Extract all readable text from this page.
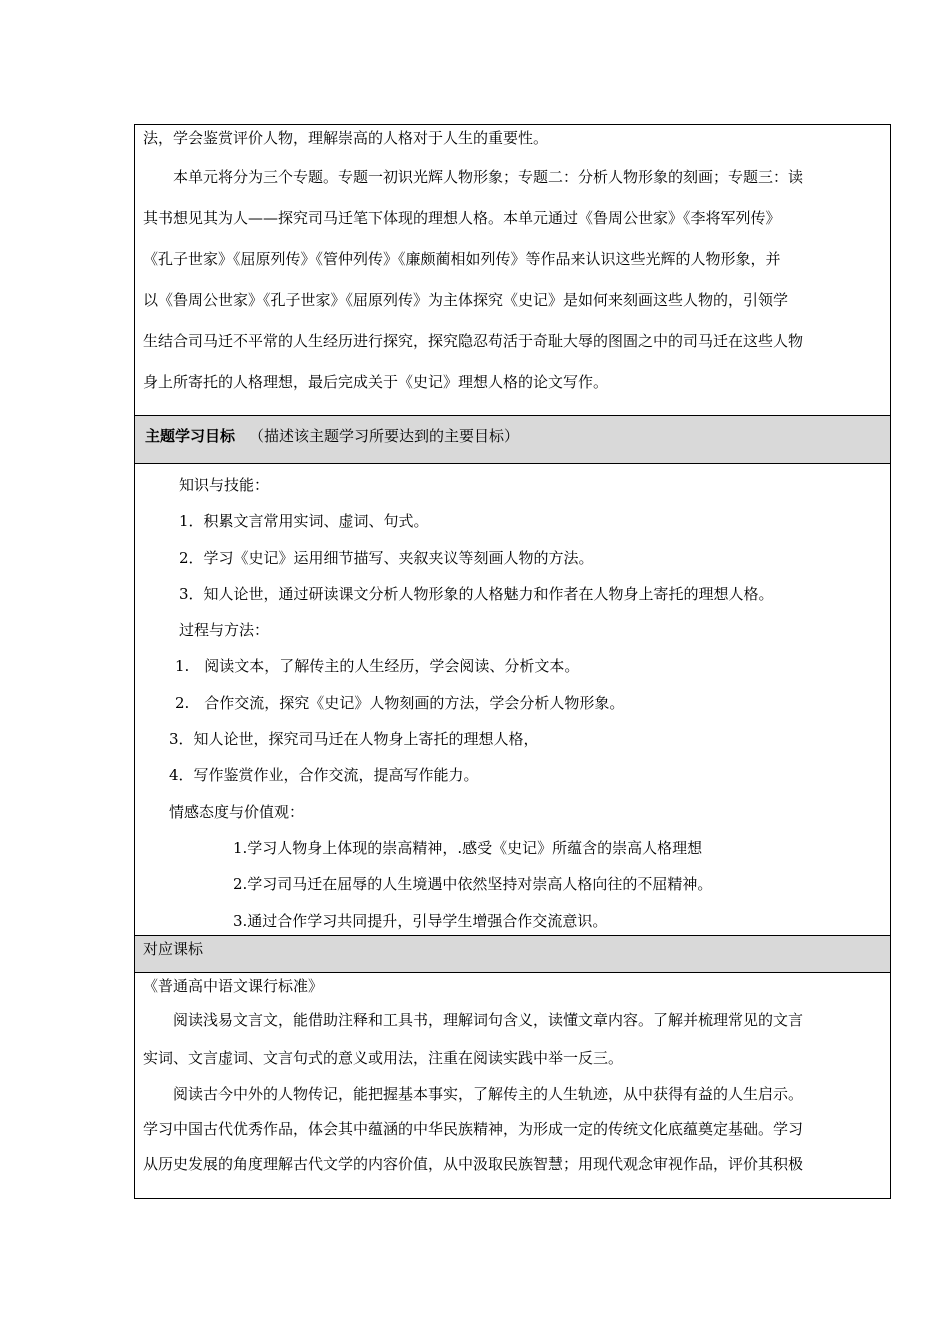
法，学会鉴赏评价人物，理解崇高的人格对于人生的重要性。
本单元将分为三个专题。专题一初识光辉人物形象；专题二：分析人物形象的刻画；专题三：读
其书想见其为人——探究司马迁笔下体现的理想人格。本单元通过《鲁周公世家》《李将军列传》
《孔子世家》《屈原列传》《管仲列传》《廉颇蔺相如列传》等作品来认识这些光辉的人物形象，并
以《鲁周公世家》《孔子世家》《屈原列传》为主体探究《史记》是如何来刻画这些人物的，引领学
生结合司马迁不平常的人生经历进行探究，探究隐忍苟活于奇耻大辱的图圄之中的司马迁在这些人物
身上所寄托的人格理想，最后完成关于《史记》理想人格的论文写作。
主题学习目标 （描述该主题学习所要达到的主要目标）
知识与技能：
1．积累文言常用实词、虚词、句式。
2．学习《史记》运用细节描写、夹叙夹议等刻画人物的方法。
3．知人论世，通过研读课文分析人物形象的人格魅力和作者在人物身上寄托的理想人格。
过程与方法：
1.　阅读文本，了解传主的人生经历，学会阅读、分析文本。
2.　合作交流，探究《史记》人物刻画的方法，学会分析人物形象。
3．知人论世，探究司马迁在人物身上寄托的理想人格，
4．写作鉴赏作业，合作交流，提高写作能力。
情感态度与价值观：
1.学习人物身上体现的崇高精神，.感受《史记》所蕴含的崇高人格理想
2.学习司马迁在屈辱的人生境遇中依然坚持对崇高人格向往的不屈精神。
3.通过合作学习共同提升，引导学生增强合作交流意识。
对应课标
《普通高中语文课行标准》
阅读浅易文言文，能借助注释和工具书，理解词句含义，读懂文章内容。了解并梳理常见的文言
实词、文言虚词、文言句式的意义或用法，注重在阅读实践中举一反三。
阅读古今中外的人物传记，能把握基本事实，了解传主的人生轨迹，从中获得有益的人生启示。
学习中国古代优秀作品，体会其中蕴涵的中华民族精神，为形成一定的传统文化底蕴奠定基础。学习
从历史发展的角度理解古代文学的内容价值，从中汲取民族智慧；用现代观念审视作品，评价其积极
